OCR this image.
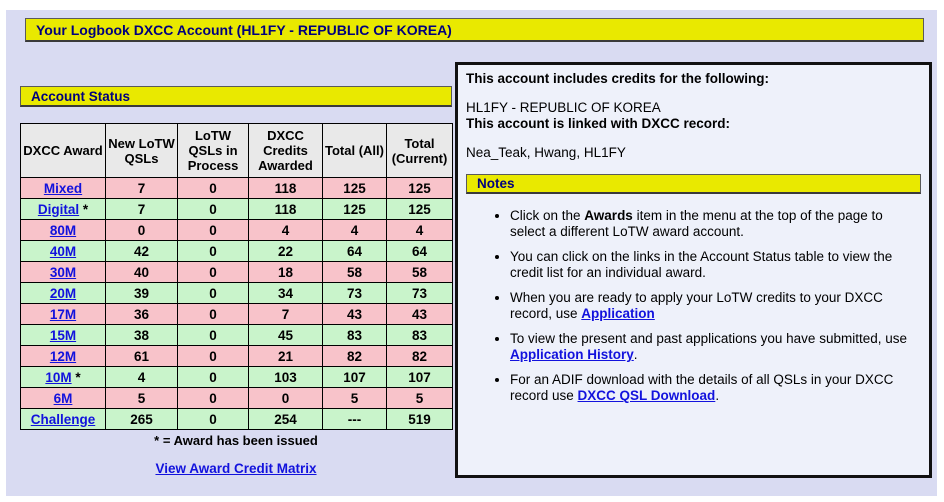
Your Logbook DXCC Account (HL1FY - REPUBLIC OF KOREA)
Account Status
DXCC Award	New LoTW QSLs	LoTW QSLs in Process	DXCC Credits Awarded	Total (All)	Total (Current)
Mixed	7	0	118	125	125
Digital *	7	0	118	125	125
80M	0	0	4	4	4
40M	42	0	22	64	64
30M	40	0	18	58	58
20M	39	0	34	73	73
17M	36	0	7	43	43
15M	38	0	45	83	83
12M	61	0	21	82	82
10M *	4	0	103	107	107
6M	5	0	0	5	5
Challenge	265	0	254	---	519
* = Award has been issued
View Award Credit Matrix
This account includes credits for the following:
HL1FY - REPUBLIC OF KOREA
This account is linked with DXCC record:
Nea_Teak, Hwang, HL1FY
Notes
• Click on the Awards item in the menu at the top of the page to select a different LoTW award account.
• You can click on the links in the Account Status table to view the credit list for an individual award.
• When you are ready to apply your LoTW credits to your DXCC record, use Application
• To view the present and past applications you have submitted, use Application History.
• For an ADIF download with the details of all QSLs in your DXCC record use DXCC QSL Download.
